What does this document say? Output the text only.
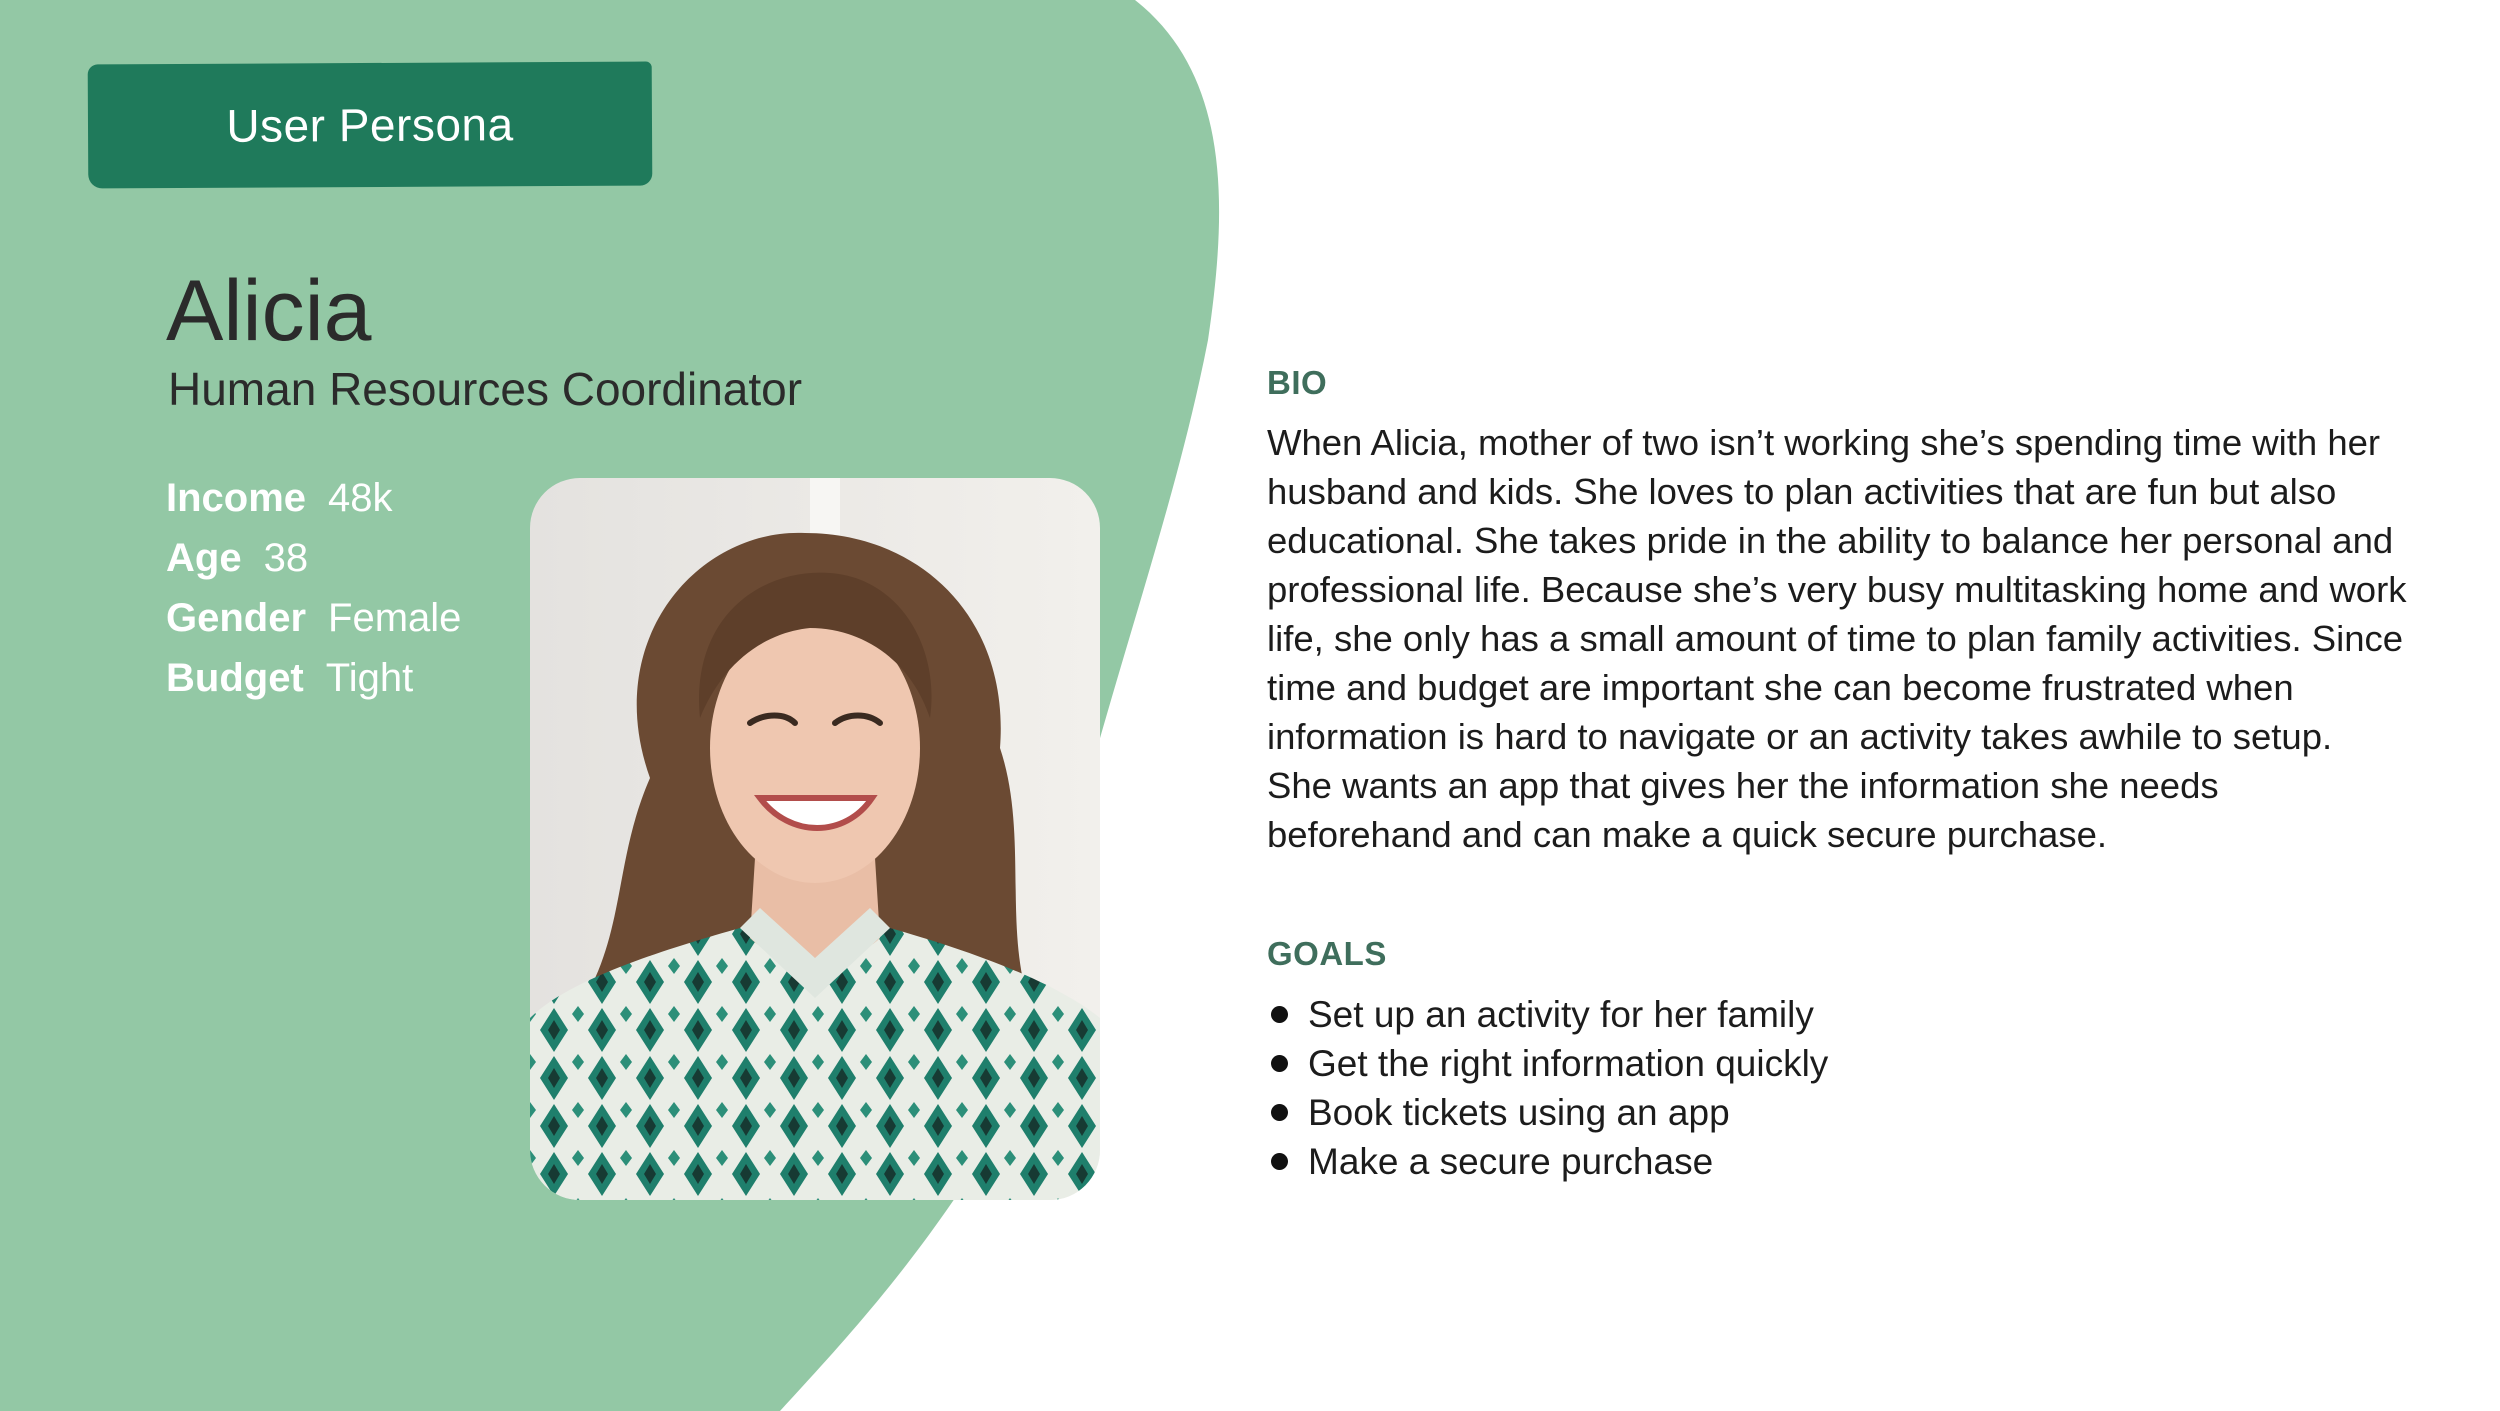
User Persona
Alicia
Human Resources Coordinator
Income 48k
Age 38
Gender Female
Budget Tight
BIO
When Alicia, mother of two isn’t working she’s spending time with her husband and kids. She loves to plan activities that are fun but also educational. She takes pride in the ability to balance her personal and professional life. Because she’s very busy multitasking home and work life, she only has a small amount of time to plan family activities. Since time and budget are important she can become frustrated when information is hard to navigate or an activity takes awhile to setup. She wants an app that gives her the information she needs beforehand and can make a quick secure purchase.
GOALS
Set up an activity for her family
Get the right information quickly
Book tickets using an app
Make a secure purchase
